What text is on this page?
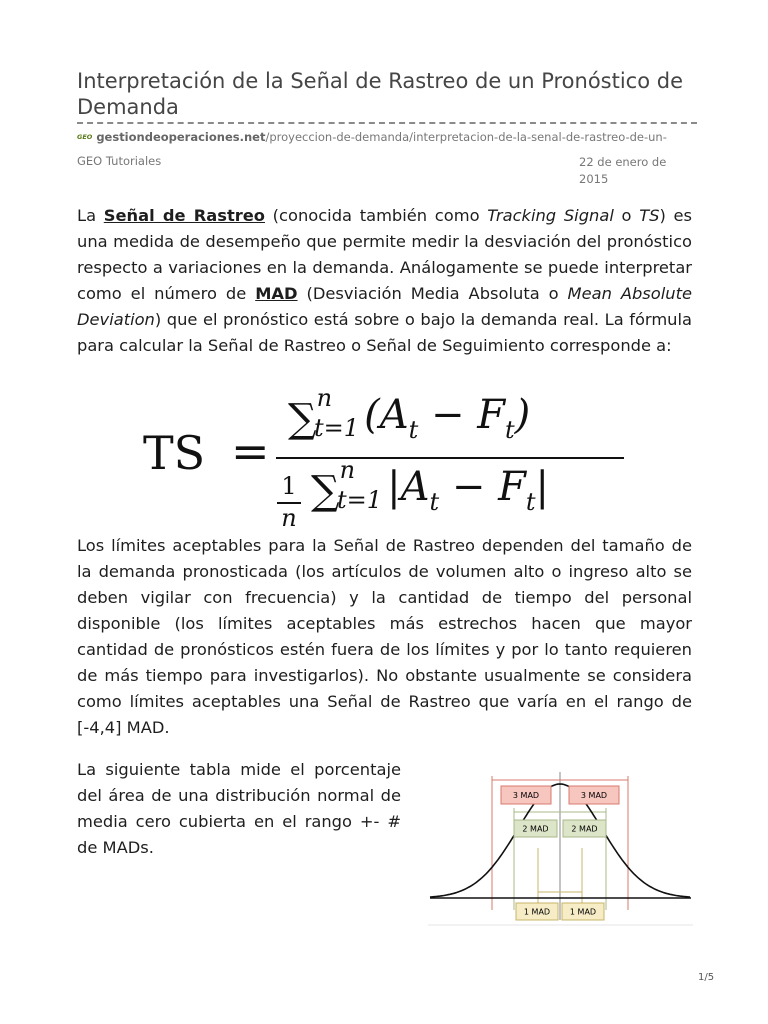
Interpretación de la Señal de Rastreo de un Pronóstico de Demanda
GEO gestiondeoperaciones.net /proyeccion-de-demanda/interpretacion-de-la-senal-de-rastreo-de-un-
GEO Tutoriales	22 de enero de 2015

La Señal de Rastreo (conocida también como Tracking Signal o TS) es una medida de desempeño que permite medir la desviación del pronóstico respecto a variaciones en la demanda. Análogamente se puede interpretar como el número de MAD (Desviación Media Absoluta o Mean Absolute Deviation) que el pronóstico está sobre o bajo la demanda real. La fórmula para calcular la Señal de Rastreo o Señal de Seguimiento corresponde a:

TS =
∑nt=1 (At − Ft)
$\frac{1}{n} \sum nt=1$ |At − Ft|

Los límites aceptables para la Señal de Rastreo dependen del tamaño de la demanda pronosticada (los artículos de volumen alto o ingreso alto se deben vigilar con frecuencia) y la cantidad de tiempo del personal disponible (los límites aceptables más estrechos hacen que mayor cantidad de pronósticos estén fuera de los límites y por lo tanto requieren de más tiempo para investigarlos). No obstante usualmente se considera como límites aceptables una Señal de Rastreo que varía en el rango de [-4,4] MAD.

La siguiente tabla mide el porcentaje del área de una distribución normal de media cero cubierta en el rango +- # de MADs.

3 MAD	3 MAD
2 MAD	2 MAD
1 MAD 1 MAD
1/5
